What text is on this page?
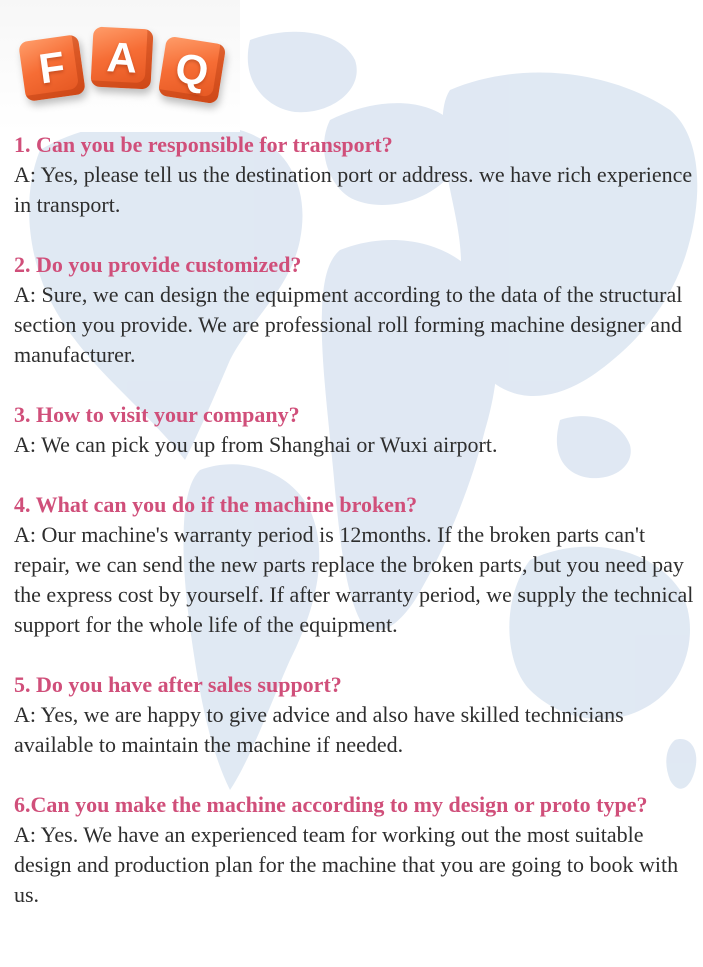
F A Q

1. Can you be responsible for transport?

A: Yes, please tell us the destination port or address. we have rich experience in transport.

2. Do you provide customized?

A: Sure, we can design the equipment according to the data of the structural section you provide. We are professional roll forming machine designer and manufacturer.

3. How to visit your company?

A: We can pick you up from Shanghai or Wuxi airport.

4. What can you do if the machine broken?

A: Our machine's warranty period is 12months. If the broken parts can't repair, we can send the new parts replace the broken parts, but you need pay the express cost by yourself. If after warranty period, we supply the technical support for the whole life of the equipment.

5. Do you have after sales support?

A: Yes, we are happy to give advice and also have skilled technicians available to maintain the machine if needed.

6.Can you make the machine according to my design or proto type?

A: Yes. We have an experienced team for working out the most suitable design and production plan for the machine that you are going to book with us.
